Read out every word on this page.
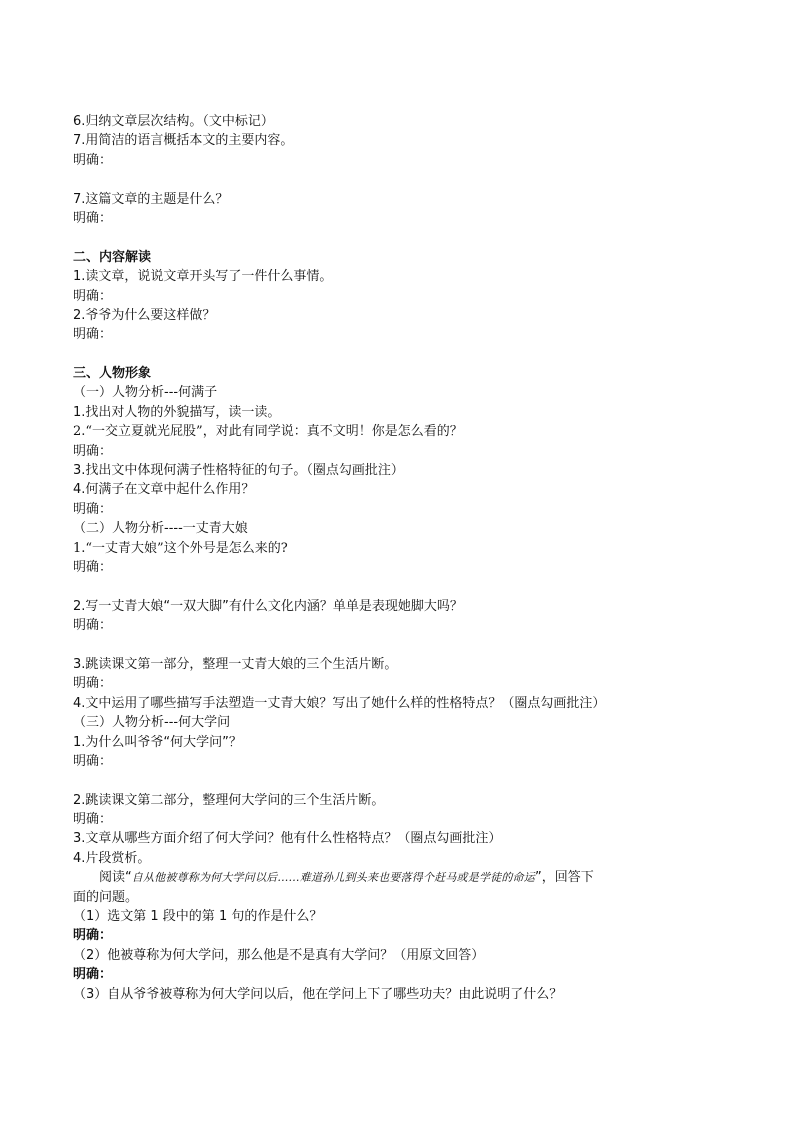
6.归纳文章层次结构。（文中标记）
7.用简洁的语言概括本文的主要内容。
明确：
7.这篇文章的主题是什么？
明确：
二、内容解读
1.读文章，说说文章开头写了一件什么事情。
明确：
2.爷爷为什么要这样做？
明确：
三、人物形象
（一）人物分析---何满子
1.找出对人物的外貌描写，读一读。
2.“一交立夏就光屁股”，对此有同学说：真不文明！你是怎么看的？
明确：
3.找出文中体现何满子性格特征的句子。（圈点勾画批注）
4.何满子在文章中起什么作用？
明确：
（二）人物分析----一丈青大娘
1.“一丈青大娘”这个外号是怎么来的?
明确：
2.写一丈青大娘“一双大脚”有什么文化内涵？单单是表现她脚大吗？
明确：
3.跳读课文第一部分，整理一丈青大娘的三个生活片断。
明确：
4.文中运用了哪些描写手法塑造一丈青大娘？写出了她什么样的性格特点？（圈点勾画批注）
（三）人物分析---何大学问
1.为什么叫爷爷“何大学问”？
明确：
2.跳读课文第二部分，整理何大学问的三个生活片断。
明确：
3.文章从哪些方面介绍了何大学问？他有什么性格特点？（圈点勾画批注）
4.片段赏析。
阅读“自从他被尊称为何大学问以后……难道孙儿到头来也要落得个赶马或是学徒的命运”，回答下
面的问题。
（1）选文第 1 段中的第 1 句的作是什么？
明确：
（2）他被尊称为何大学问，那么他是不是真有大学问？（用原文回答）
明确：
（3）自从爷爷被尊称为何大学问以后，他在学问上下了哪些功夫？由此说明了什么？
